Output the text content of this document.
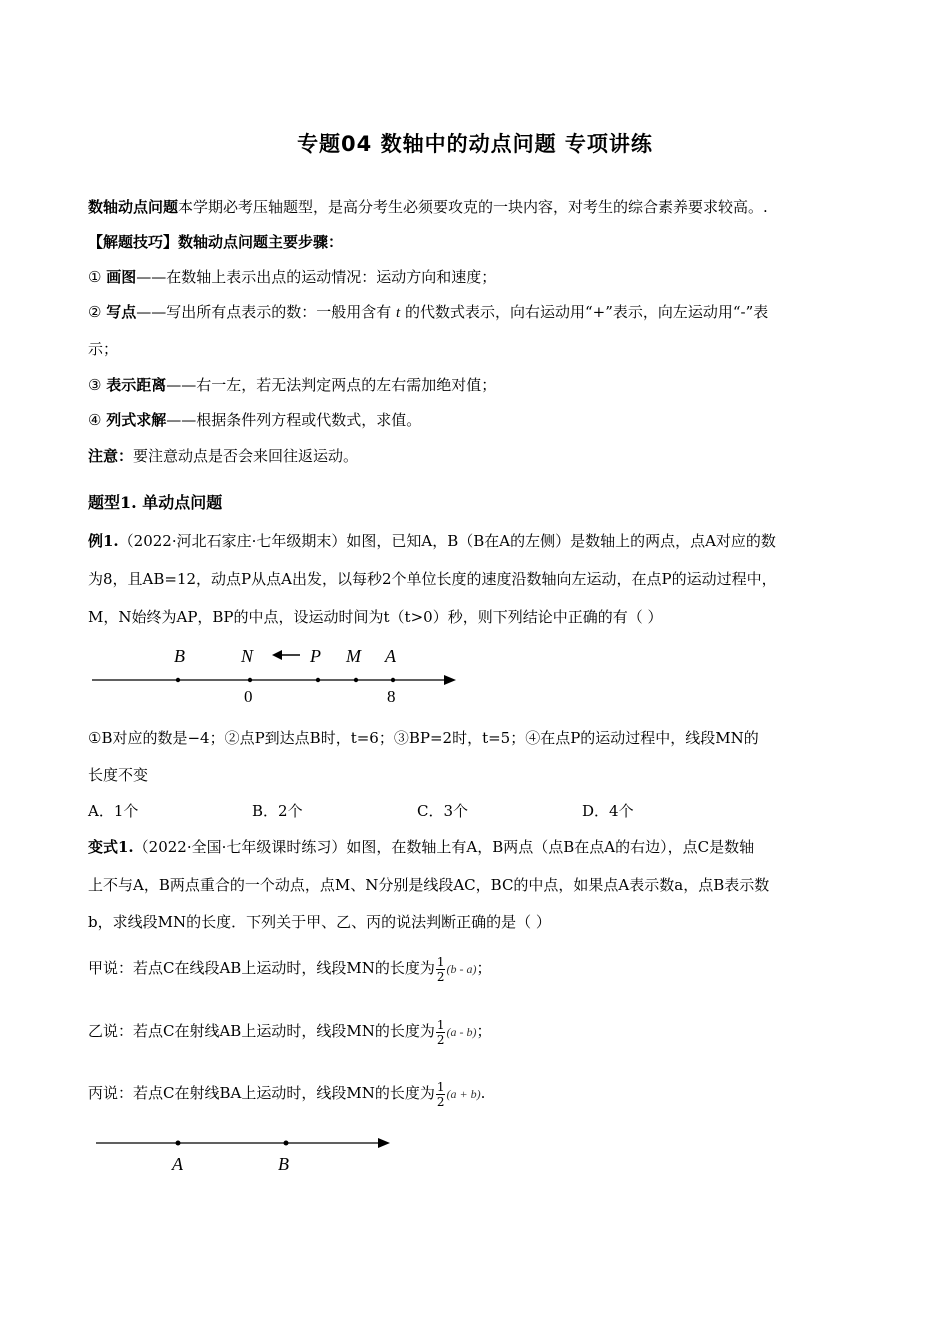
专题04 数轴中的动点问题 专项讲练
数轴动点问题本学期必考压轴题型，是高分考生必须要攻克的一块内容，对考生的综合素养要求较高。.
【解题技巧】数轴动点问题主要步骤：
① 画图——在数轴上表示出点的运动情况：运动方向和速度；
② 写点——写出所有点表示的数：一般用含有 t 的代数式表示，向右运动用“+”表示，向左运动用“-”表
示；
③ 表示距离——右一左，若无法判定两点的左右需加绝对值；
④ 列式求解——根据条件列方程或代数式，求值。
注意：要注意动点是否会来回往返运动。
题型1. 单动点问题
例1.（2022·河北石家庄·七年级期末）如图，已知A，B（B在A的左侧）是数轴上的两点，点A对应的数
为8，且AB=12，动点P从点A出发，以每秒2个单位长度的速度沿数轴向左运动，在点P的运动过程中，
M，N始终为AP，BP的中点，设运动时间为t（t>0）秒，则下列结论中正确的有（ ）
B	N	P M A
0	8
①B对应的数是−4；②点P到达点B时，t=6；③BP=2时，t=5；④在点P的运动过程中，线段MN的
长度不变
A．1个	B．2个	C．3个	D．4个
变式1.（2022·全国·七年级课时练习）如图，在数轴上有A，B两点（点B在点A的右边），点C是数轴
上不与A，B两点重合的一个动点，点M、N分别是线段AC，BC的中点，如果点A表示数a，点B表示数
b，求线段MN的长度．下列关于甲、乙、丙的说法判断正确的是（ ）
甲说：若点C在线段AB上运动时，线段MN的长度为 $\frac{1}{2} (b - a)$；
乙说：若点C在射线AB上运动时，线段MN的长度为 $\frac{1}{2} (a - b)$；
丙说：若点C在射线BA上运动时，线段MN的长度为 $\frac{1}{2} (a + b)$.
A	B
